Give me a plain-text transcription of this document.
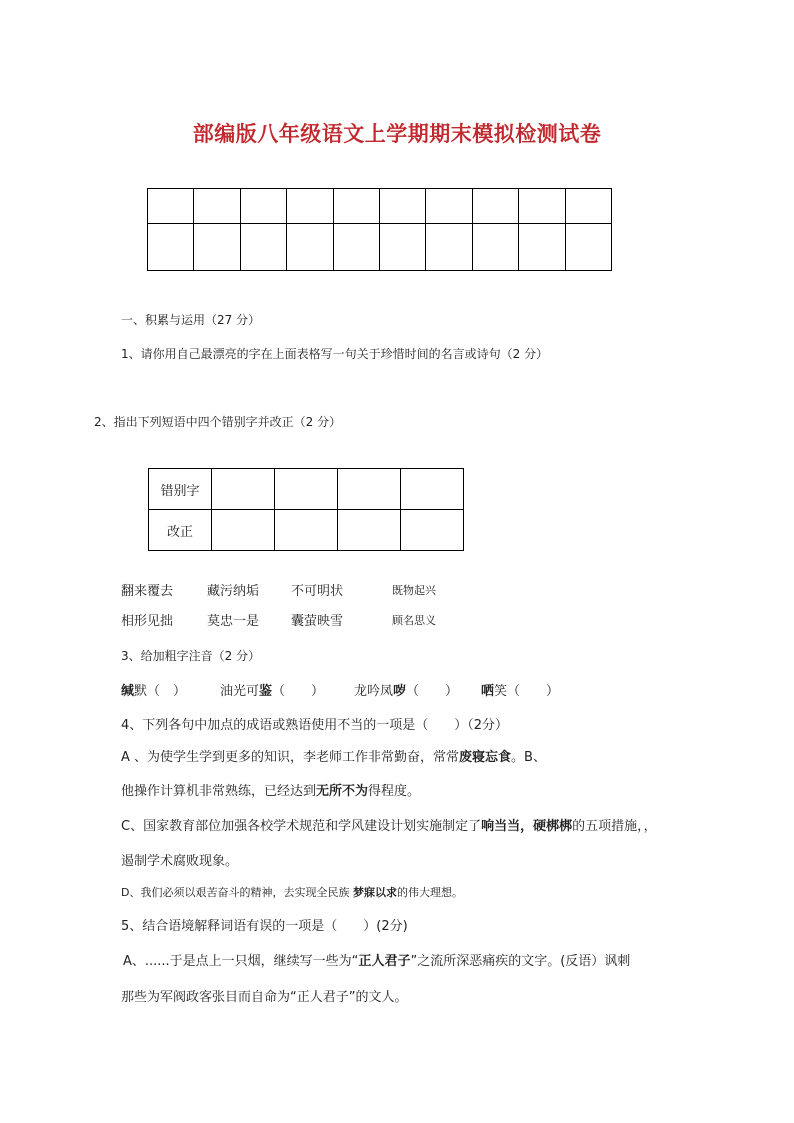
部编版八年级语文上学期期末模拟检测试卷

一、积累与运用（27 分）
1、请你用自己最漂亮的字在上面表格写一句关于珍惜时间的名言或诗句（2 分）
2、指出下列短语中四个错别字并改正（2 分）
错别字				
改正				
翻来覆去	藏污纳垢 不可明状	既物起兴
相形见拙	莫忠一是 囊萤映雪	顾名思义
3、给加粗字注音（2 分）
缄默（　）	油光可鉴（　　） 龙吟凤哕（　　） 哂笑（　　）
4、下列各句中加点的成语或熟语使用不当的一项是（　　）（2分）
A 、为使学生学到更多的知识，李老师工作非常勤奋，常常废寝忘食。B、
他操作计算机非常熟练，已经达到无所不为得程度。
C、国家教育部位加强各校学术规范和学风建设计划实施制定了响当当，硬梆梆的五项措施，，
遏制学术腐败现象。
D、我们必须以艰苦奋斗的精神，去实现全民族 梦寐以求的伟大理想。
5、结合语境解释词语有误的一项是（　　）(2分)
A、......于是点上一只烟，继续写一些为“正人君子”之流所深恶痛疾的文字。(反语）讽刺
那些为军阀政客张目而自命为“正人君子”的文人。
